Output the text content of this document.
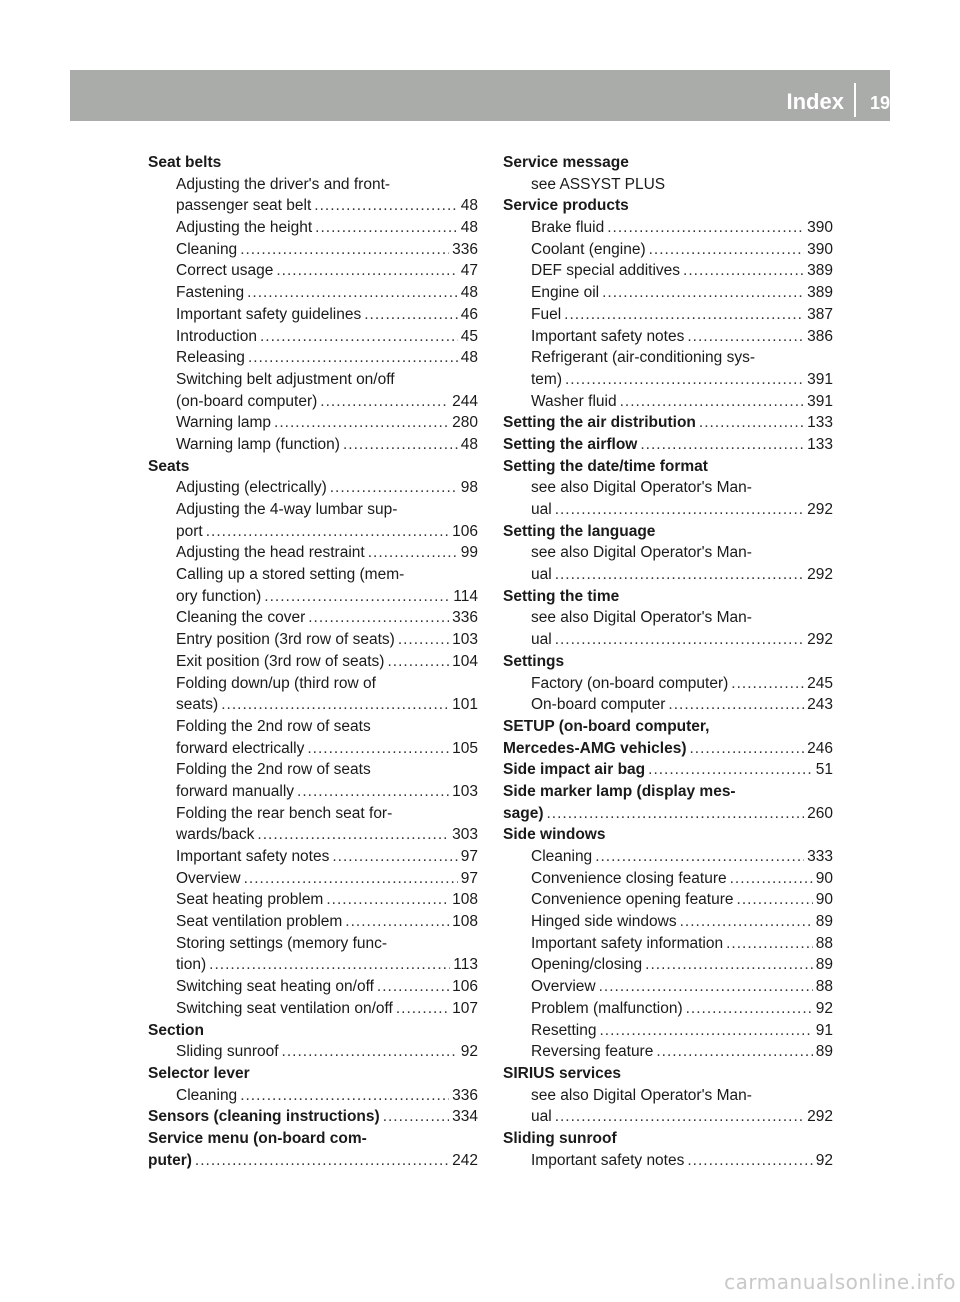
Index 19
Seat belts
Adjusting the driver's and front-
passenger seat belt .....	48
Adjusting the height .....	48
Cleaning .....	336
Correct usage .....	47
Fastening .....	48
Important safety guidelines .....	46
Introduction .....	45
Releasing .....	48
Switching belt adjustment on/off
(on-board computer) .....	244
Warning lamp .....	280
Warning lamp (function) .....	48
Seats
Adjusting (electrically) .....	98
Adjusting the 4-way lumbar sup-
port .....	106
Adjusting the head restraint .....	99
Calling up a stored setting (mem-
ory function) .....	114
Cleaning the cover .....	336
Entry position (3rd row of seats) .....	103
Exit position (3rd row of seats) .....	104
Folding down/up (third row of
seats) .....	101
Folding the 2nd row of seats
forward electrically .....	105
Folding the 2nd row of seats
forward manually .....	103
Folding the rear bench seat for-
wards/back .....	303
Important safety notes .....	97
Overview .....	97
Seat heating problem .....	108
Seat ventilation problem .....	108
Storing settings (memory func-
tion) .....	113
Switching seat heating on/off .....	106
Switching seat ventilation on/off .....	107
Section
Sliding sunroof .....	92
Selector lever
Cleaning .....	336
Sensors (cleaning instructions) .....	334
Service menu (on-board com-
puter) .....	242
Service message
see ASSYST PLUS
Service products
Brake fluid .....	390
Coolant (engine) .....	390
DEF special additives .....	389
Engine oil .....	389
Fuel .....	387
Important safety notes .....	386
Refrigerant (air-conditioning sys-
tem) .....	391
Washer fluid .....	391
Setting the air distribution .....	133
Setting the airflow .....	133
Setting the date/time format
see also Digital Operator's Man-
ual .....	292
Setting the language
see also Digital Operator's Man-
ual .....	292
Setting the time
see also Digital Operator's Man-
ual .....	292
Settings
Factory (on-board computer) .....	245
On-board computer .....	243
SETUP (on-board computer,
Mercedes-AMG vehicles) .....	246
Side impact air bag .....	51
Side marker lamp (display mes-
sage) .....	260
Side windows
Cleaning .....	333
Convenience closing feature .....	90
Convenience opening feature .....	90
Hinged side windows .....	89
Important safety information .....	88
Opening/closing .....	89
Overview .....	88
Problem (malfunction) .....	92
Resetting .....	91
Reversing feature .....	89
SIRIUS services
see also Digital Operator's Man-
ual .....	292
Sliding sunroof
Important safety notes .....	92
carmanualsonline.info
